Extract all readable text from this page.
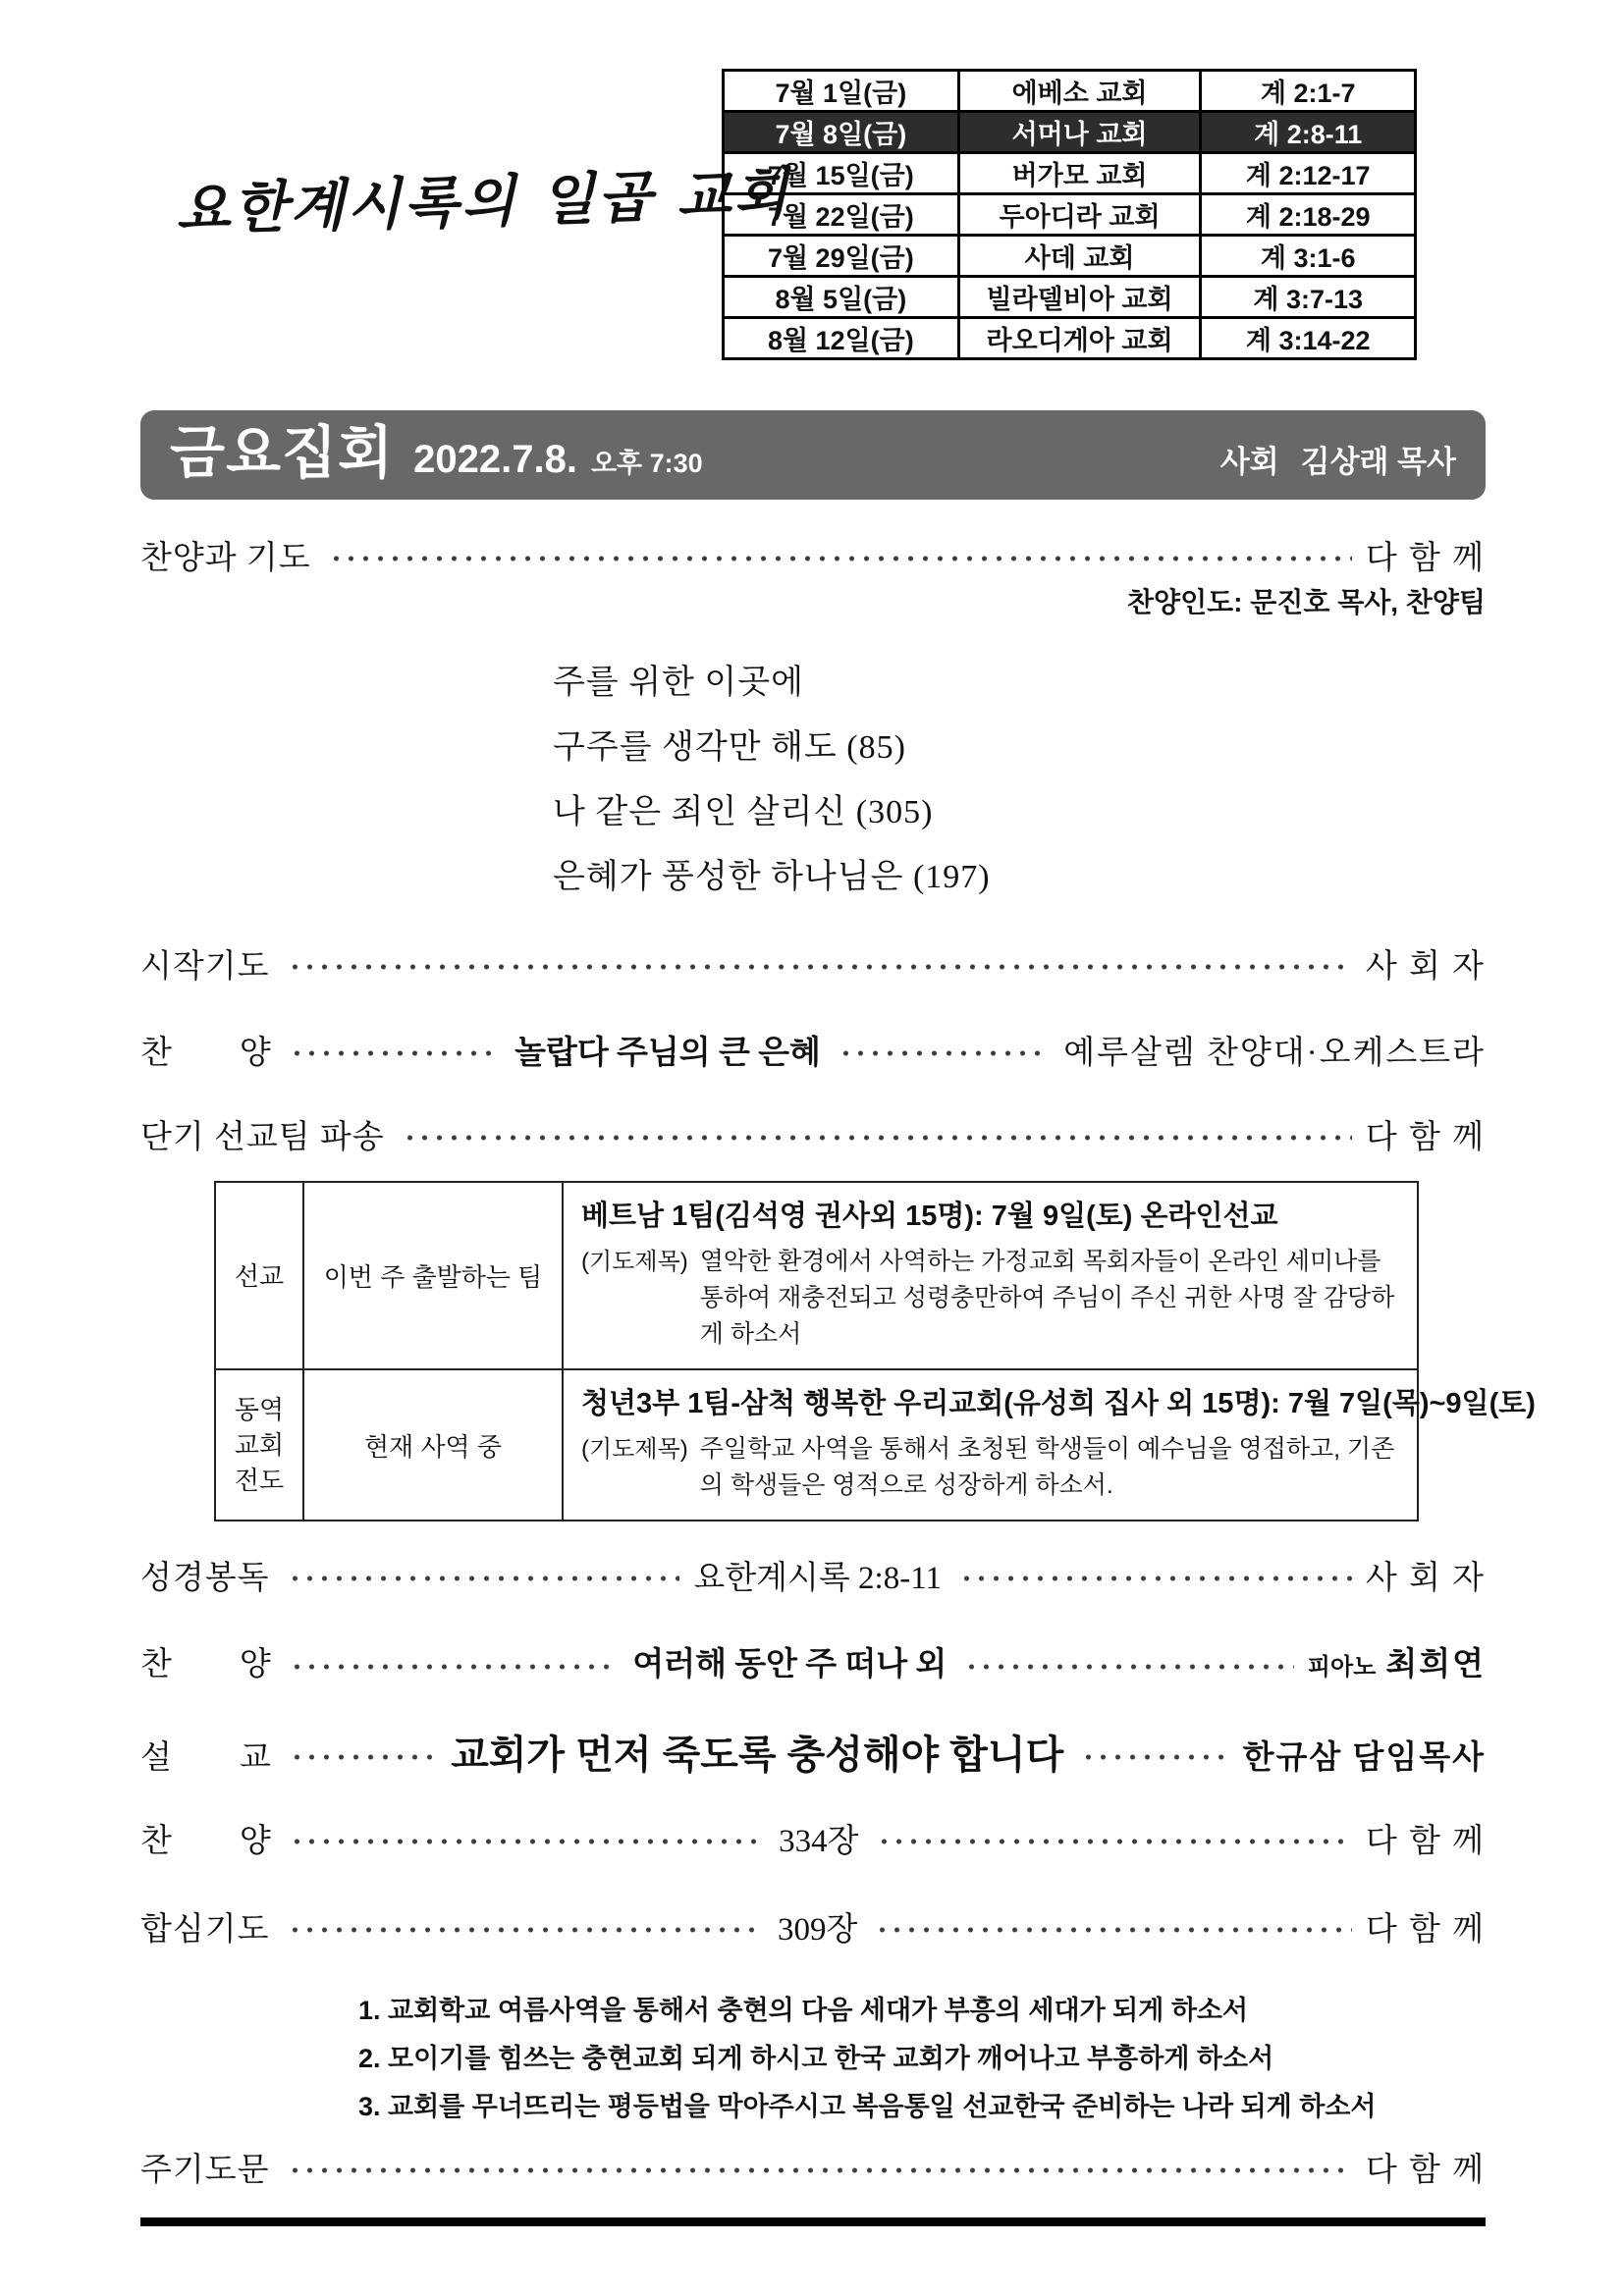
요한계시록의 일곱 교회
7월 1일(금)	에베소 교회	계 2:1-7
7월 8일(금)	서머나 교회	계 2:8-11
7월 15일(금)	버가모 교회	계 2:12-17
7월 22일(금)	두아디라 교회	계 2:18-29
7월 29일(금)	사데 교회	계 3:1-6
8월 5일(금)	빌라델비아 교회	계 3:7-13
8월 12일(금)	라오디게아 교회	계 3:14-22
금요집회 2022.7.8. 오후 7:30	사회 김상래 목사
찬양과 기도	다 함 께
찬양인도: 문진호 목사, 찬양팀
주를 위한 이곳에
구주를 생각만 해도 (85)
나 같은 죄인 살리신 (305)
은혜가 풍성한 하나님은 (197)
시작기도	사 회 자
찬　　양	놀랍다 주님의 큰 은혜	예루살렘 찬양대·오케스트라
단기 선교팀 파송	다 함 께
선교	이번 주 출발하는 팀	베트남 1팀(김석영 권사외 15명): 7월 9일(토) 온라인선교
(기도제목) 열악한 환경에서 사역하는 가정교회 목회자들이 온라인 세미나를 통하여 재충전되고 성령충만하여 주님이 주신 귀한 사명 잘 감당하게 하소서

동역 교회 전도	현재 사역 중	청년3부 1팀-삼척 행복한 우리교회(유성희 집사 외 15명): 7월 7일(목)~9일(토)
(기도제목) 주일학교 사역을 통해서 초청된 학생들이 예수님을 영접하고, 기존의 학생들은 영적으로 성장하게 하소서.
성경봉독	요한계시록 2:8-11	사 회 자
찬　　양	여러해 동안 주 떠나 외	피아노 최희연
설　　교	교회가 먼저 죽도록 충성해야 합니다	한규삼 담임목사
찬　　양	334장	다 함 께
합심기도	309장	다 함 께
1. 교회학교 여름사역을 통해서 충현의 다음 세대가 부흥의 세대가 되게 하소서
2. 모이기를 힘쓰는 충현교회 되게 하시고 한국 교회가 깨어나고 부흥하게 하소서
3. 교회를 무너뜨리는 평등법을 막아주시고 복음통일 선교한국 준비하는 나라 되게 하소서
주기도문	다 함 께
